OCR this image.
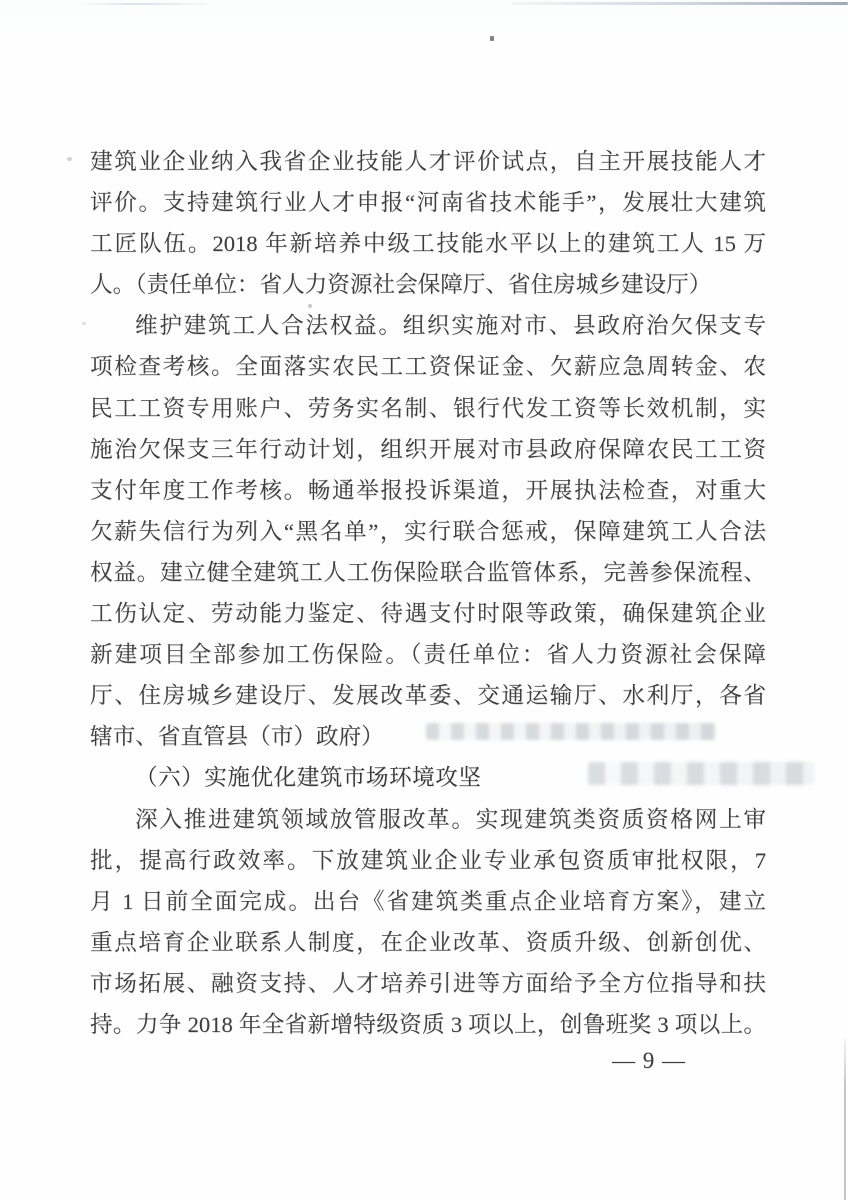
建筑业企业纳入我省企业技能人才评价试点，自主开展技能人才
评价。支持建筑行业人才申报“河南省技术能手”，发展壮大建筑
工匠队伍。2018 年新培养中级工技能水平以上的建筑工人 15 万
人。（责任单位：省人力资源社会保障厅、省住房城乡建设厅）
维护建筑工人合法权益。组织实施对市、县政府治欠保支专
项检查考核。全面落实农民工工资保证金、欠薪应急周转金、农
民工工资专用账户、劳务实名制、银行代发工资等长效机制，实
施治欠保支三年行动计划，组织开展对市县政府保障农民工工资
支付年度工作考核。畅通举报投诉渠道，开展执法检查，对重大
欠薪失信行为列入“黑名单”，实行联合惩戒，保障建筑工人合法
权益。建立健全建筑工人工伤保险联合监管体系，完善参保流程、
工伤认定、劳动能力鉴定、待遇支付时限等政策，确保建筑企业
新建项目全部参加工伤保险。（责任单位：省人力资源社会保障
厅、住房城乡建设厅、发展改革委、交通运输厅、水利厅，各省
辖市、省直管县（市）政府）
（六）实施优化建筑市场环境攻坚
深入推进建筑领域放管服改革。实现建筑类资质资格网上审
批，提高行政效率。下放建筑业企业专业承包资质审批权限，7
月 1 日前全面完成。出台《省建筑类重点企业培育方案》，建立
重点培育企业联系人制度，在企业改革、资质升级、创新创优、
市场拓展、融资支持、人才培养引进等方面给予全方位指导和扶
持。力争 2018 年全省新增特级资质 3 项以上，创鲁班奖 3 项以上。
— 9 —
